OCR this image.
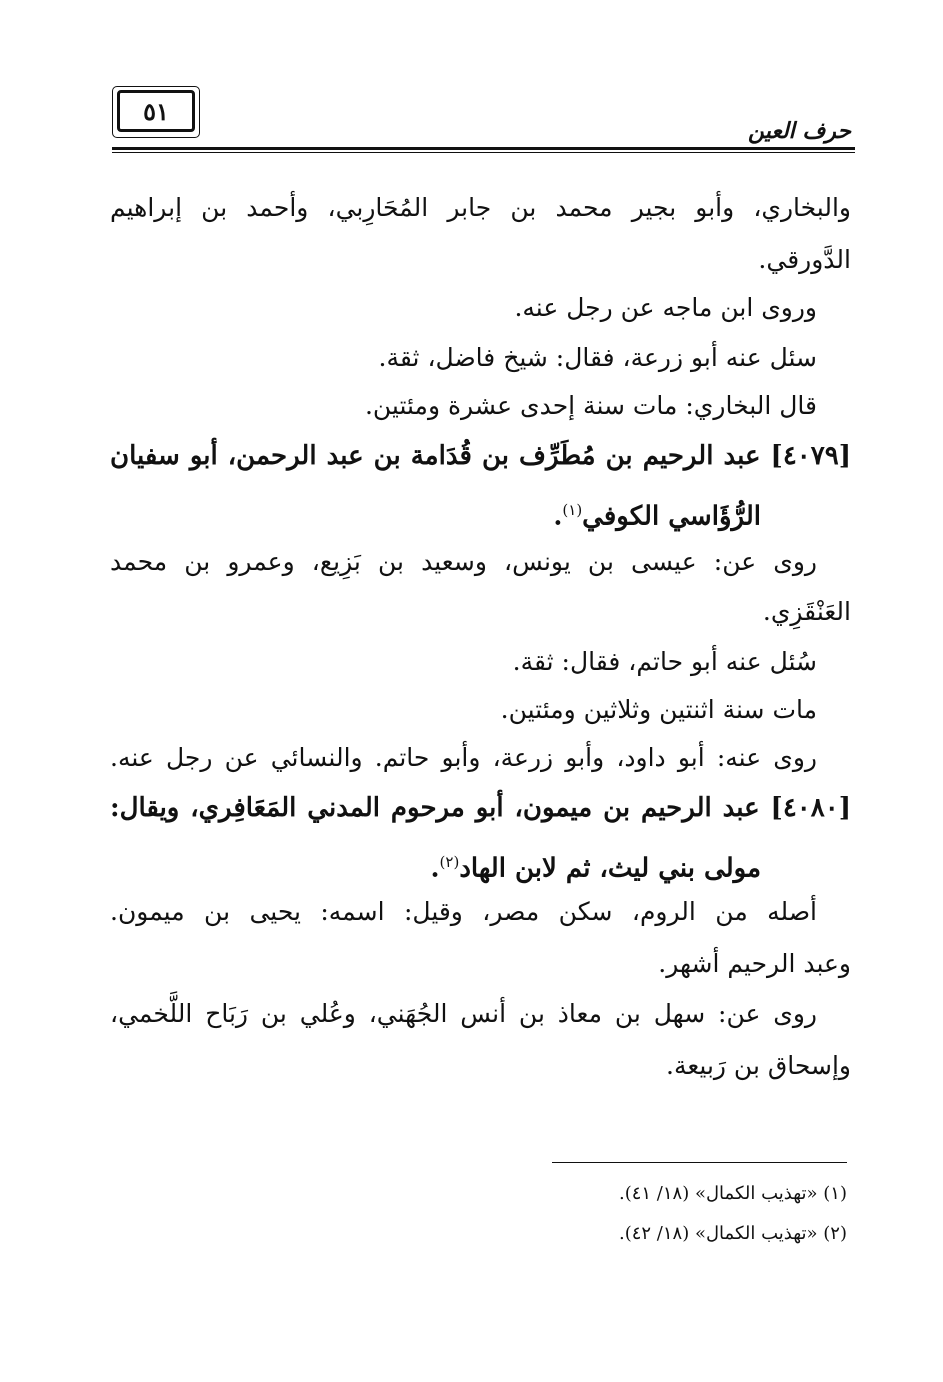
٥١
حرف العين
والبخاري، وأبو بجير محمد بن جابر المُحَارِبي، وأحمد بن إبراهيم
الدَّورقي.
وروى ابن ماجه عن رجل عنه.
سئل عنه أبو زرعة، فقال: شيخ فاضل، ثقة.
قال البخاري: مات سنة إحدى عشرة ومئتين.
[٤٠٧٩] عبد الرحيم بن مُطَرِّف بن قُدَامة بن عبد الرحمن، أبو سفيان
الرُّؤَاسي الكوفي$^{(١)}$.
روى عن: عيسى بن يونس، وسعيد بن بَزِيع، وعمرو بن محمد
العَنْقَزِي.
سُئل عنه أبو حاتم، فقال: ثقة.
مات سنة اثنتين وثلاثين ومئتين.
روى عنه: أبو داود، وأبو زرعة، وأبو حاتم. والنسائي عن رجل عنه.
[٤٠٨٠] عبد الرحيم بن ميمون، أبو مرحوم المدني المَعَافِري، ويقال:
مولى بني ليث، ثم لابن الهاد$^{(٢)}$.
أصله من الروم، سكن مصر، وقيل: اسمه: يحيى بن ميمون.
وعبد الرحيم أشهر.
روى عن: سهل بن معاذ بن أنس الجُهَني، وعُلي بن رَبَاح اللَّخمي،
وإسحاق بن رَبيعة.
(١) «تهذيب الكمال» (١٨/ ٤١).
(٢) «تهذيب الكمال» (١٨/ ٤٢).
